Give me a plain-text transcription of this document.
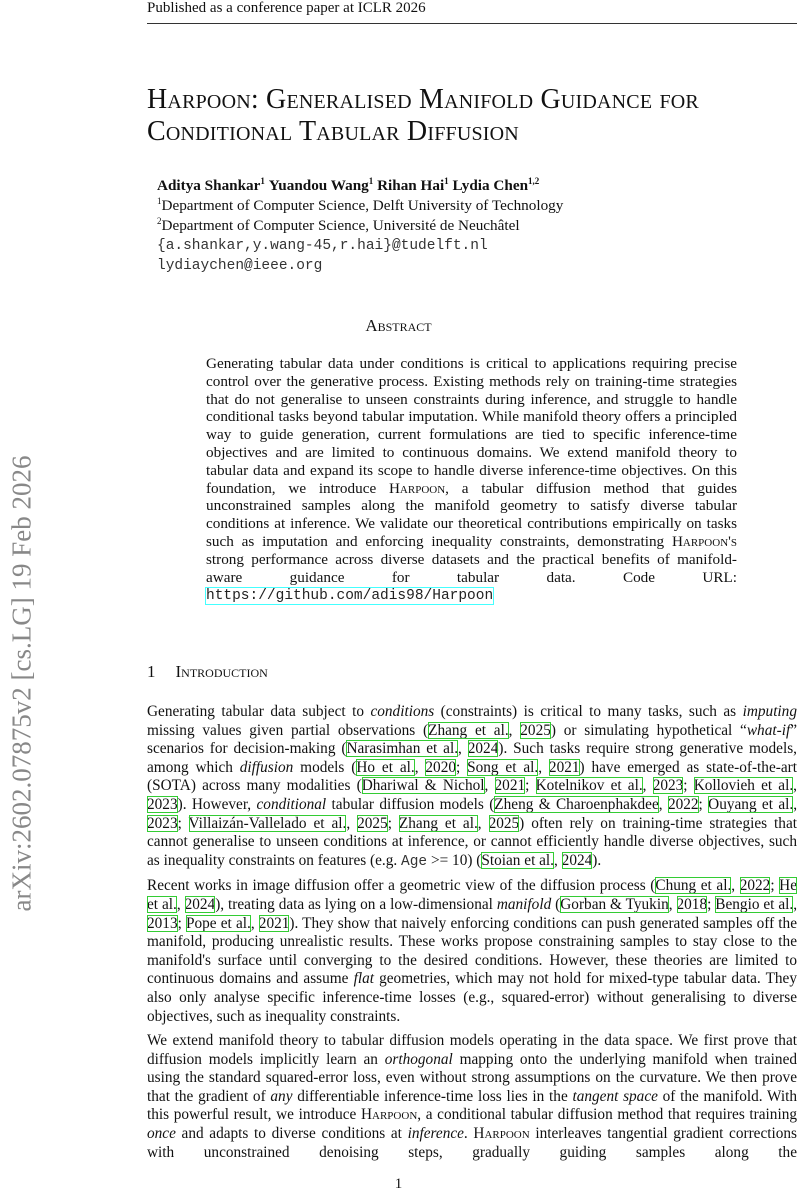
arXiv:2602.07875v2 [cs.LG] 19 Feb 2026
Published as a conference paper at ICLR 2026
Harpoon: Generalised Manifold Guidance for
Conditional Tabular Diffusion
Aditya Shankar$^1$ Yuandou Wang$^1$ Rihan Hai$^1$ Lydia Chen$^{1,2}$
$^1$Department of Computer Science, Delft University of Technology
$^2$Department of Computer Science, Université de Neuchâtel
{a.shankar,y.wang-45,r.hai}@tudelft.nl
lydiaychen@ieee.org
Abstract
Generating tabular data under conditions is critical to applications requiring precise control over the generative process. Existing methods rely on training-time strategies that do not generalise to unseen constraints during inference, and struggle to handle conditional tasks beyond tabular imputation. While manifold theory offers a principled way to guide generation, current formulations are tied to specific inference-time objectives and are limited to continuous domains. We extend manifold theory to tabular data and expand its scope to handle diverse inference-time objectives. On this foundation, we introduce Harpoon, a tabular diffusion method that guides unconstrained samples along the manifold geometry to satisfy diverse tabular conditions at inference. We validate our theoretical contributions empirically on tasks such as imputation and enforcing inequality constraints, demonstrating Harpoon's strong performance across diverse datasets and the practical benefits of manifold-aware guidance for tabular data. Code URL: https://github.com/adis98/Harpoon
1 Introduction

Generating tabular data subject to conditions (constraints) is critical to many tasks, such as imputing missing values given partial observations (Zhang et al., 2025) or simulating hypothetical “what-if” scenarios for decision-making (Narasimhan et al., 2024). Such tasks require strong generative models, among which diffusion models (Ho et al., 2020; Song et al., 2021) have emerged as state-of-the-art (SOTA) across many modalities (Dhariwal & Nichol, 2021; Kotelnikov et al., 2023; Kollovieh et al., 2023). However, conditional tabular diffusion models (Zheng & Charoenphakdee, 2022; Ouyang et al., 2023; Villaizán-Vallelado et al., 2025; Zhang et al., 2025) often rely on training-time strategies that cannot generalise to unseen conditions at inference, or cannot efficiently handle diverse objectives, such as inequality constraints on features (e.g. Age >= 10) (Stoian et al., 2024).

Recent works in image diffusion offer a geometric view of the diffusion process (Chung et al., 2022; He et al., 2024), treating data as lying on a low-dimensional manifold (Gorban & Tyukin, 2018; Bengio et al., 2013; Pope et al., 2021). They show that naively enforcing conditions can push generated samples off the manifold, producing unrealistic results. These works propose constraining samples to stay close to the manifold's surface until converging to the desired conditions. However, these theories are limited to continuous domains and assume flat geometries, which may not hold for mixed-type tabular data. They also only analyse specific inference-time losses (e.g., squared-error) without generalising to diverse objectives, such as inequality constraints.

We extend manifold theory to tabular diffusion models operating in the data space. We first prove that diffusion models implicitly learn an orthogonal mapping onto the underlying manifold when trained using the standard squared-error loss, even without strong assumptions on the curvature. We then prove that the gradient of any differentiable inference-time loss lies in the tangent space of the manifold. With this powerful result, we introduce Harpoon, a conditional tabular diffusion method that requires training once and adapts to diverse conditions at inference. Harpoon interleaves tangential gradient corrections with unconstrained denoising steps, gradually guiding samples along the

1
